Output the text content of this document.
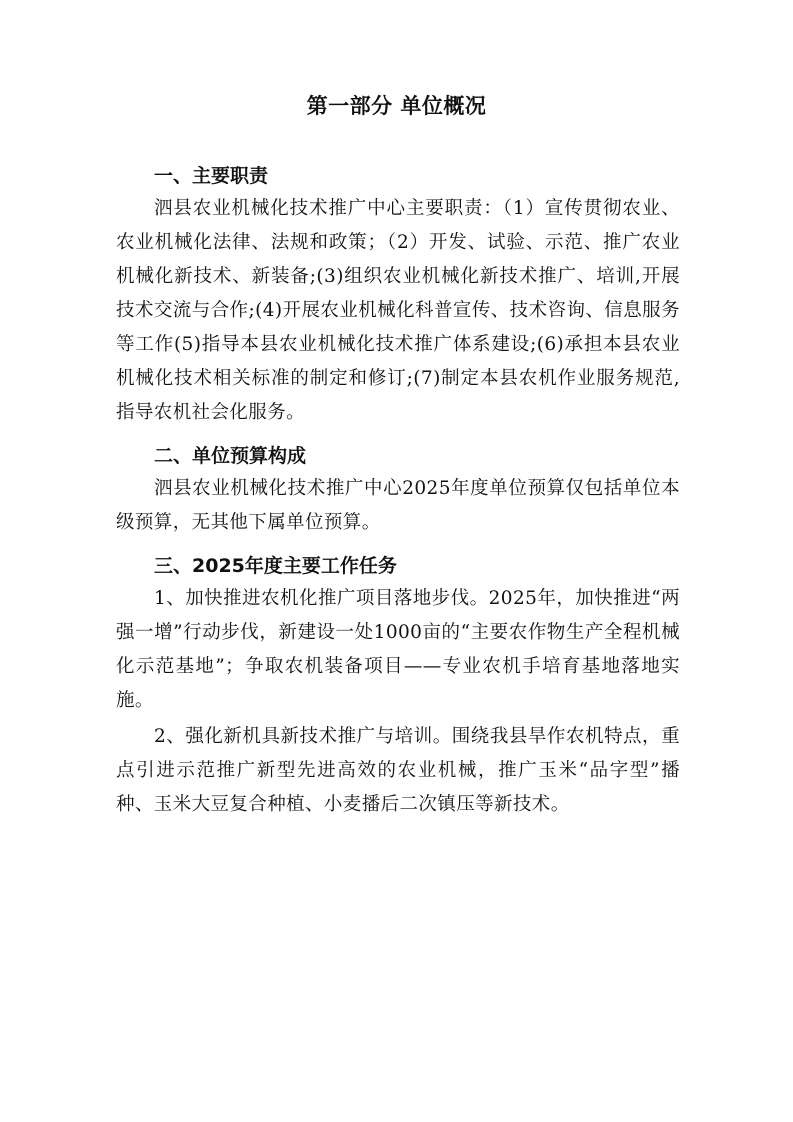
第一部分 单位概况
一、主要职责

泗县农业机械化技术推广中心主要职责：（1）宣传贯彻农业、农业机械化法律、法规和政策；（2）开发、试验、示范、推广农业机械化新技术、新装备;(3)组织农业机械化新技术推广、培训,开展技术交流与合作;(4)开展农业机械化科普宣传、技术咨询、信息服务等工作(5)指导本县农业机械化技术推广体系建设;(6)承担本县农业机械化技术相关标准的制定和修订;(7)制定本县农机作业服务规范,指导农机社会化服务。

二、单位预算构成

泗县农业机械化技术推广中心2025年度单位预算仅包括单位本级预算，无其他下属单位预算。

三、2025年度主要工作任务

1、加快推进农机化推广项目落地步伐。2025年，加快推进“两强一增”行动步伐，新建设一处1000亩的“主要农作物生产全程机械化示范基地”；争取农机装备项目——专业农机手培育基地落地实施。

2、强化新机具新技术推广与培训。围绕我县旱作农机特点，重点引进示范推广新型先进高效的农业机械，推广玉米“品字型”播种、玉米大豆复合种植、小麦播后二次镇压等新技术。
